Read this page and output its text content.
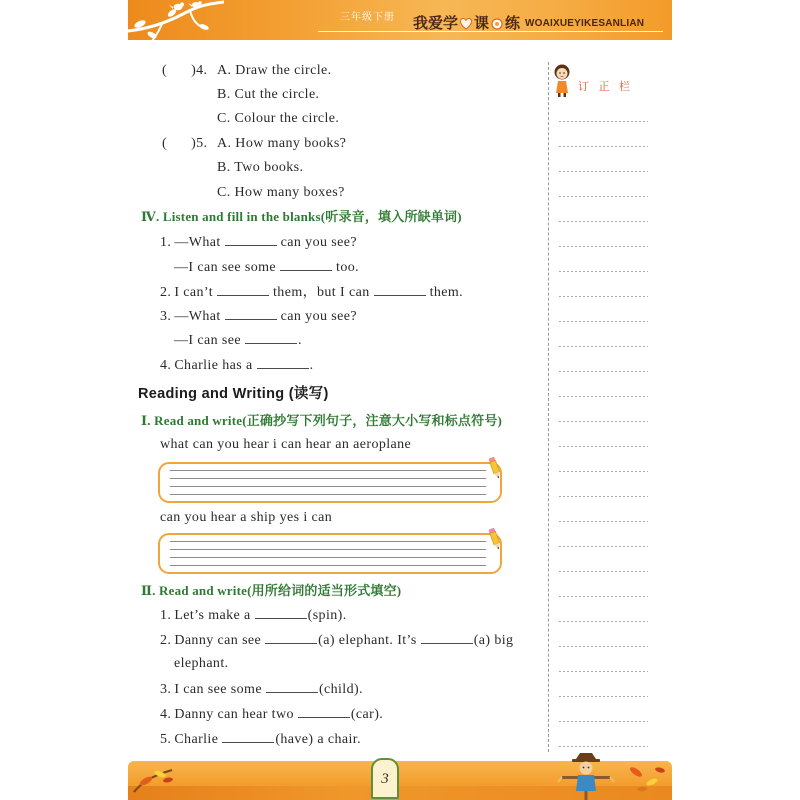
三年级下册 我爱学 课 练 WOAIXUEYIKESANLIAN
( )4. A. Draw the circle.
B. Cut the circle.
C. Colour the circle.
( )5. A. How many books?
B. Two books.
C. How many boxes?
Ⅳ. Listen and fill in the blanks(听录音，填入所缺单词)
1. —What	can you see?
—I can see some	too.
2. I can’t	them，but I can	them.
3. —What	can you see?
—I can see	.
4. Charlie has a	.
Reading and Writing (读写)
Ⅰ. Read and write(正确抄写下列句子，注意大小写和标点符号)
what can you hear i can hear an aeroplane
can you hear a ship yes i can
Ⅱ. Read and write(用所给词的适当形式填空)
1. Let’s make a	(spin).
2. Danny can see	(a) elephant. It’s	(a) big
elephant.
3. I can see some	(child).
4. Danny can hear two	(car).
5. Charlie	(have) a chair.
订 正 栏
3
